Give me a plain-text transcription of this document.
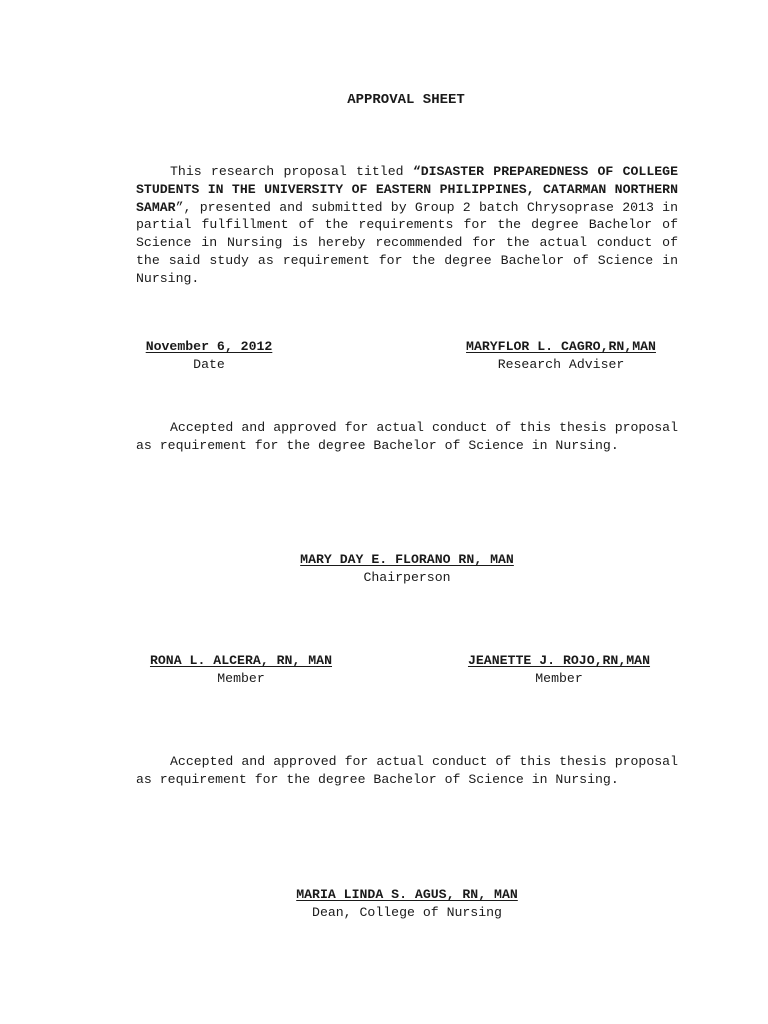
APPROVAL SHEET

This research proposal titled “DISASTER PREPAREDNESS OF COLLEGE STUDENTS IN THE UNIVERSITY OF EASTERN PHILIPPINES, CATARMAN NORTHERN SAMAR”, presented and submitted by Group 2 batch Chrysoprase 2013 in partial fulfillment of the requirements for the degree Bachelor of Science in Nursing is hereby recommended for the actual conduct of the said study as requirement for the degree Bachelor of Science in Nursing.

November 6, 2012
Date
MARYFLOR L. CAGRO,RN,MAN
Research Adviser

Accepted and approved for actual conduct of this thesis proposal as requirement for the degree Bachelor of Science in Nursing.

MARY DAY E. FLORANO RN, MAN
Chairperson
RONA L. ALCERA, RN, MAN
Member
JEANETTE J. ROJO,RN,MAN
Member

Accepted and approved for actual conduct of this thesis proposal as requirement for the degree Bachelor of Science in Nursing.

MARIA LINDA S. AGUS, RN, MAN
Dean, College of Nursing
